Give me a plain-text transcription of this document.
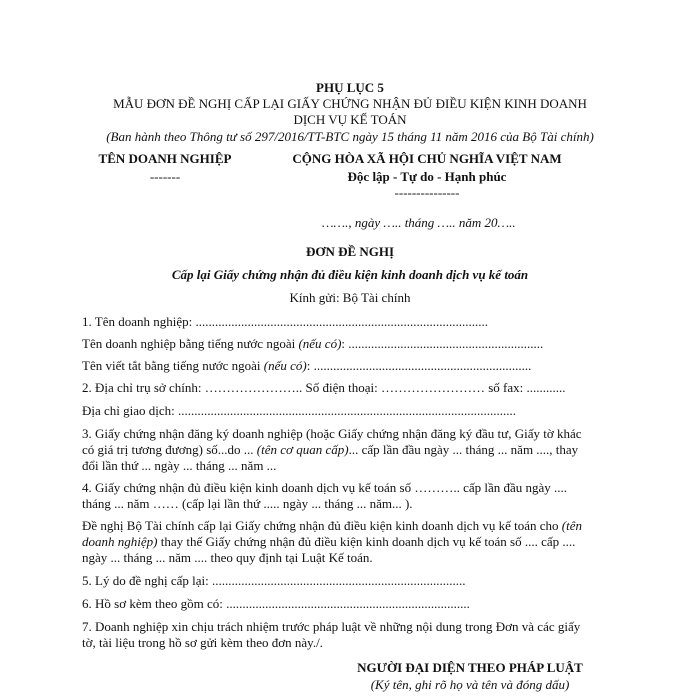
PHỤ LỤC 5
MẪU ĐƠN ĐỀ NGHỊ CẤP LẠI GIẤY CHỨNG NHẬN ĐỦ ĐIỀU KIỆN KINH DOANH
DỊCH VỤ KẾ TOÁN
(Ban hành theo Thông tư số 297/2016/TT-BTC ngày 15 tháng 11 năm 2016 của Bộ Tài chính)
TÊN DOANH NGHIỆP
-------
CỘNG HÒA XÃ HỘI CHỦ NGHĨA VIỆT NAM
Độc lập - Tự do - Hạnh phúc
---------------
……., ngày ….. tháng ….. năm 20…..
ĐƠN ĐỀ NGHỊ
Cấp lại Giấy chứng nhận đủ điều kiện kinh doanh dịch vụ kế toán
Kính gửi: Bộ Tài chính
1. Tên doanh nghiệp: ..........................................................................................
Tên doanh nghiệp bằng tiếng nước ngoài (nếu có): ............................................................
Tên viết tắt bằng tiếng nước ngoài (nếu có): ...................................................................
2. Địa chỉ trụ sở chính: ………………….. Số điện thoại: …………………… số fax: ............
Địa chỉ giao dịch: ........................................................................................................
3. Giấy chứng nhận đăng ký doanh nghiệp (hoặc Giấy chứng nhận đăng ký đầu tư, Giấy tờ khác
có giá trị tương đương) số...do ... (tên cơ quan cấp)... cấp lần đầu ngày ... tháng ... năm ...., thay
đổi lần thứ ... ngày ... tháng ... năm ...
4. Giấy chứng nhận đủ điều kiện kinh doanh dịch vụ kế toán số ……….. cấp lần đầu ngày ....
tháng ... năm …… (cấp lại lần thứ ..... ngày ... tháng ... năm... ).
Đề nghị Bộ Tài chính cấp lại Giấy chứng nhận đủ điều kiện kinh doanh dịch vụ kế toán cho (tên
doanh nghiệp) thay thế Giấy chứng nhận đủ điều kiện kinh doanh dịch vụ kế toán số .... cấp ....
ngày ... tháng ... năm .... theo quy định tại Luật Kế toán.
5. Lý do đề nghị cấp lại: ..............................................................................
6. Hồ sơ kèm theo gồm có: ...........................................................................
7. Doanh nghiệp xin chịu trách nhiệm trước pháp luật về những nội dung trong Đơn và các giấy
tờ, tài liệu trong hồ sơ gửi kèm theo đơn này./.
NGƯỜI ĐẠI DIỆN THEO PHÁP LUẬT
(Ký tên, ghi rõ họ và tên và đóng dấu)
